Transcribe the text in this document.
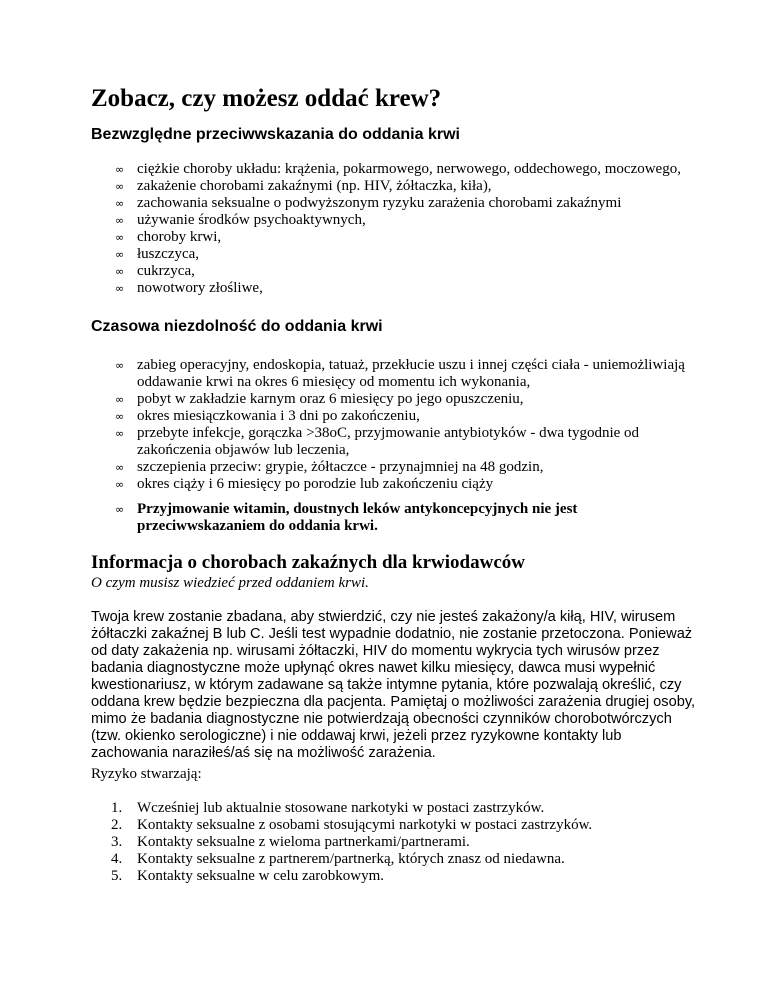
Zobacz, czy możesz oddać krew?
Bezwzględne przeciwwskazania do oddania krwi
∞ ciężkie choroby układu: krążenia, pokarmowego, nerwowego, oddechowego, moczowego,
∞ zakażenie chorobami zakaźnymi (np. HIV, żółtaczka, kiła),
∞ zachowania seksualne o podwyższonym ryzyku zarażenia chorobami zakaźnymi
∞ używanie środków psychoaktywnych,
∞ choroby krwi,
∞ łuszczyca,
∞ cukrzyca,
∞ nowotwory złośliwe,
Czasowa niezdolność do oddania krwi
∞ zabieg operacyjny, endoskopia, tatuaż, przekłucie uszu i innej części ciała - uniemożliwiają oddawanie krwi na okres 6 miesięcy od momentu ich wykonania,
∞ pobyt w zakładzie karnym oraz 6 miesięcy po jego opuszczeniu,
∞ okres miesiączkowania i 3 dni po zakończeniu,
∞ przebyte infekcje, gorączka >38oC, przyjmowanie antybiotyków - dwa tygodnie od zakończenia objawów lub leczenia,
∞ szczepienia przeciw: grypie, żółtaczce - przynajmniej na 48 godzin,
∞ okres ciąży i 6 miesięcy po porodzie lub zakończeniu ciąży
∞ Przyjmowanie witamin, doustnych leków antykoncepcyjnych nie jest przeciwwskazaniem do oddania krwi.
Informacja o chorobach zakaźnych dla krwiodawców

O czym musisz wiedzieć przed oddaniem krwi.

Twoja krew zostanie zbadana, aby stwierdzić, czy nie jesteś zakażony/a kiłą, HIV, wirusem
żółtaczki zakaźnej B lub C. Jeśli test wypadnie dodatnio, nie zostanie przetoczona. Ponieważ
od daty zakażenia np. wirusami żółtaczki, HIV do momentu wykrycia tych wirusów przez
badania diagnostyczne może upłynąć okres nawet kilku miesięcy, dawca musi wypełnić
kwestionariusz, w którym zadawane są także intymne pytania, które pozwalają określić, czy
oddana krew będzie bezpieczna dla pacjenta. Pamiętaj o możliwości zarażenia drugiej osoby,
mimo że badania diagnostyczne nie potwierdzają obecności czynników chorobotwórczych
(tzw. okienko serologiczne) i nie oddawaj krwi, jeżeli przez ryzykowne kontakty lub
zachowania naraziłeś/aś się na możliwość zarażenia.

Ryzyko stwarzają:

1. Wcześniej lub aktualnie stosowane narkotyki w postaci zastrzyków.
2. Kontakty seksualne z osobami stosującymi narkotyki w postaci zastrzyków.
3. Kontakty seksualne z wieloma partnerkami/partnerami.
4. Kontakty seksualne z partnerem/partnerką, których znasz od niedawna.
5. Kontakty seksualne w celu zarobkowym.
